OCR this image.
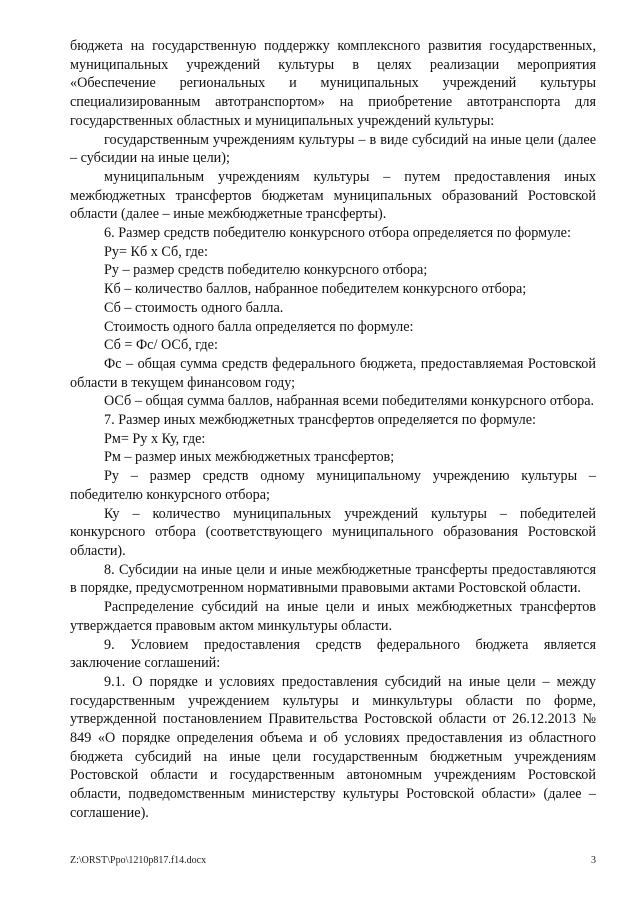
бюджета на государственную поддержку комплексного развития государственных, муниципальных учреждений культуры в целях реализации мероприятия «Обеспечение региональных и муниципальных учреждений культуры специализированным автотранспортом» на приобретение автотранспорта для государственных областных и муниципальных учреждений культуры:

государственным учреждениям культуры – в виде субсидий на иные цели (далее – субсидии на иные цели);

муниципальным учреждениям культуры – путем предоставления иных межбюджетных трансфертов бюджетам муниципальных образований Ростовской области (далее – иные межбюджетные трансферты).

6. Размер средств победителю конкурсного отбора определяется по формуле:

Ру= Кб х Сб, где:

Ру – размер средств победителю конкурсного отбора;

Кб – количество баллов, набранное победителем конкурсного отбора;

Сб – стоимость одного балла.

Стоимость одного балла определяется по формуле:

Сб = Фс/ ОСб, где:

Фс – общая сумма средств федерального бюджета, предоставляемая Ростовской области в текущем финансовом году;

ОСб – общая сумма баллов, набранная всеми победителями конкурсного отбора.

7. Размер иных межбюджетных трансфертов определяется по формуле:

Рм= Ру х Ку, где:

Рм – размер иных межбюджетных трансфертов;

Ру – размер средств одному муниципальному учреждению культуры – победителю конкурсного отбора;

Ку – количество муниципальных учреждений культуры – победителей конкурсного отбора (соответствующего муниципального образования Ростовской области).

8. Субсидии на иные цели и иные межбюджетные трансферты предоставляются в порядке, предусмотренном нормативными правовыми актами Ростовской области.

Распределение субсидий на иные цели и иных межбюджетных трансфертов утверждается правовым актом минкультуры области.

9. Условием предоставления средств федерального бюджета является заключение соглашений:

9.1. О порядке и условиях предоставления субсидий на иные цели – между государственным учреждением культуры и минкультуры области по форме, утвержденной постановлением Правительства Ростовской области от 26.12.2013 № 849 «О порядке определения объема и об условиях предоставления из областного бюджета субсидий на иные цели государственным бюджетным учреждениям Ростовской области и государственным автономным учреждениям Ростовской области, подведомственным министерству культуры Ростовской области» (далее – соглашение).

Z:\ORST\Ppo\1210p817.f14.docx	3
